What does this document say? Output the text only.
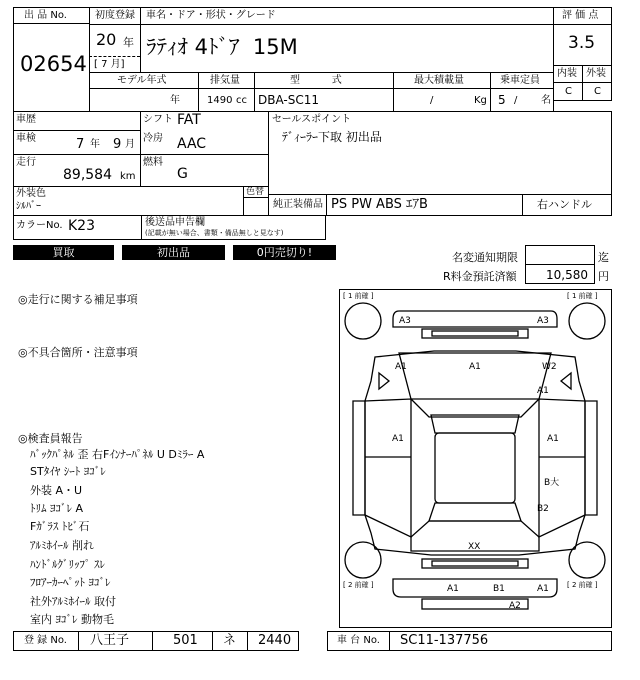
出 品 No.
02654
初度登録
20 年
[ 7 月]
車名・ドア・形状・グレード
ﾗﾃｨｵ 4ﾄﾞｱ  15M
モデル年式
年
排気量
1490 cc
型          式
DBA-SC11
最大積載量
/	Kg
乗車定員
5 / 名
評 価 点
3.5
内装 外装
C C
車歴
車検	7 年 9 月
走行
89,584 km
シフト FAT
冷房 AAC
燃料
G
外装色
ｼﾙﾊﾞｰ
色替
セールスポイント
ﾃﾞｨｰﾗｰ下取 初出品
純正装備品 PS PW ABS ｴｱB	右ハンドル
カラーNo. K23	後送品申告欄
(記載が無い場合、書類・備品無しと見なす)
買取	初出品	0円売切り!	名変通知期限	迄
R料金預託済額 10,580 円
◎走行に関する補足事項
◎不具合箇所・注意事項
◎検査員報告
ﾊﾞｯｸﾊﾟﾈﾙ 歪 右Fｲﾝﾅｰﾊﾟﾈﾙ U Dﾐﾗｰ A
STﾀｲﾔ ｼｰﾄ ﾖｺﾞﾚ
外装 A・U
ﾄﾘﾑ ﾖｺﾞﾚ A
Fｶﾞﾗｽ ﾄﾋﾞ石
ｱﾙﾐﾎｲｰﾙ 削れ
ﾊﾝﾄﾞﾙｸﾞﾘｯﾌﾟ ｽﾚ
ﾌﾛｱｰｶｰﾍﾟｯﾄ ﾖｺﾞﾚ
社外ｱﾙﾐﾎｲｰﾙ 取付
室内 ﾖｺﾞﾚ 動物毛
[ 1 前確 ]	[ 1 前確 ]
[ 2 前確 ]	[ 2 前確 ]
A3	A3
A1	A1	W2
A1
A1	A1
B大
B2
XX
A1	B1	A1
A2
登 録 No. 八王子	501 ネ 2440	車 台 No. SC11-137756
